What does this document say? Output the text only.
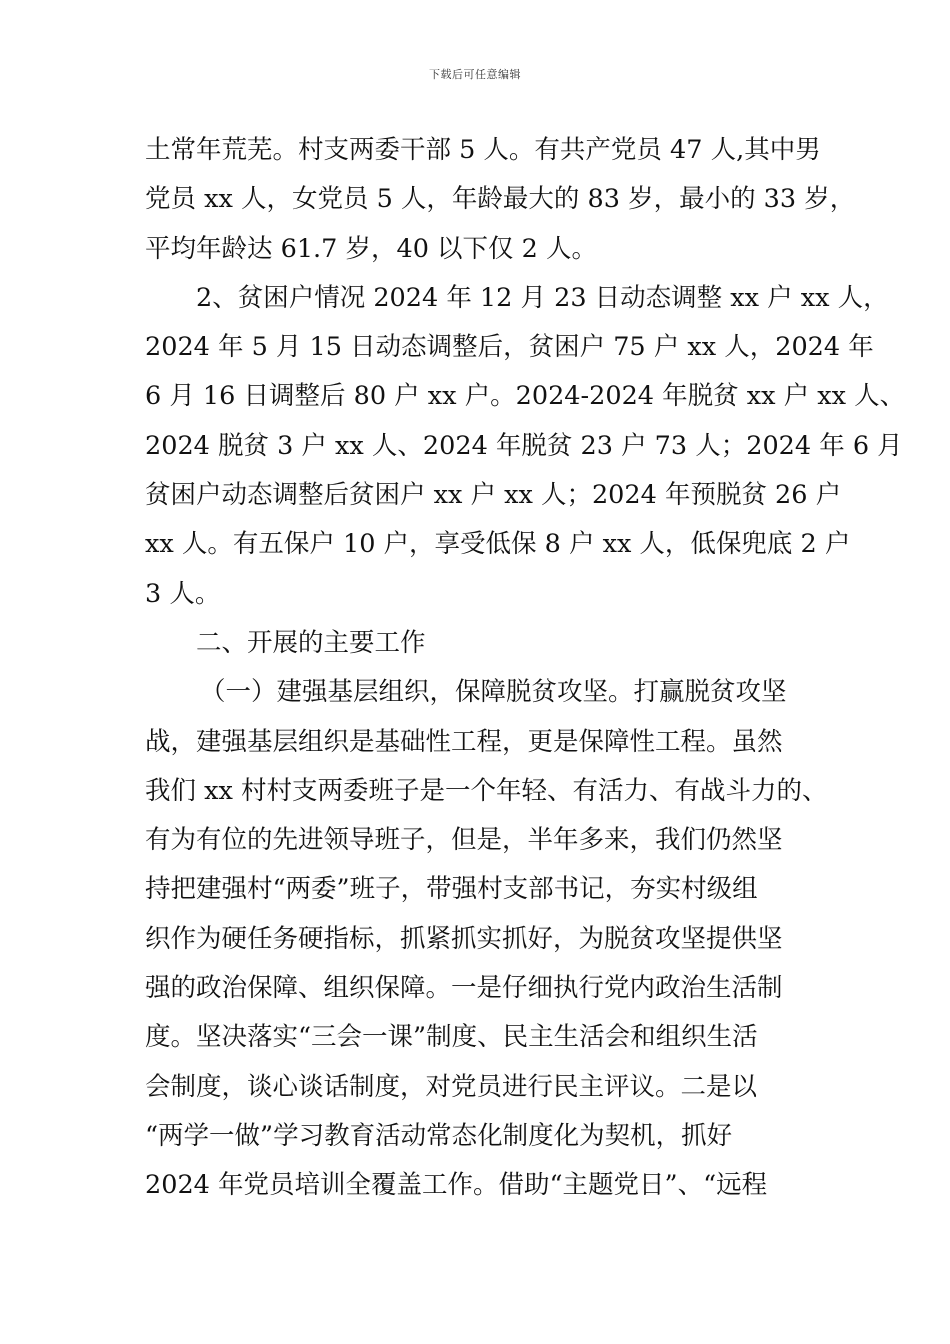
下载后可任意编辑
土常年荒芜。村支两委干部 5 人。有共产党员 47 人,其中男
党员 xx 人，女党员 5 人，年龄最大的 83 岁，最小的 33 岁，
平均年龄达 61.7 岁，40 以下仅 2 人。
2、贫困户情况 2024 年 12 月 23 日动态调整 xx 户 xx 人，
2024 年 5 月 15 日动态调整后，贫困户 75 户 xx 人，2024 年
6 月 16 日调整后 80 户 xx 户。2024-2024 年脱贫 xx 户 xx 人、
2024 脱贫 3 户 xx 人、2024 年脱贫 23 户 73 人；2024 年 6 月
贫困户动态调整后贫困户 xx 户 xx 人；2024 年预脱贫 26 户
xx 人。有五保户 10 户，享受低保 8 户 xx 人，低保兜底 2 户
3 人。
二、开展的主要工作
（一）建强基层组织，保障脱贫攻坚。打赢脱贫攻坚
战，建强基层组织是基础性工程，更是保障性工程。虽然
我们 xx 村村支两委班子是一个年轻、有活力、有战斗力的、
有为有位的先进领导班子，但是，半年多来，我们仍然坚
持把建强村“两委”班子，带强村支部书记，夯实村级组
织作为硬任务硬指标，抓紧抓实抓好，为脱贫攻坚提供坚
强的政治保障、组织保障。一是仔细执行党内政治生活制
度。坚决落实“三会一课”制度、民主生活会和组织生活
会制度，谈心谈话制度，对党员进行民主评议。二是以
“两学一做”学习教育活动常态化制度化为契机，抓好
2024 年党员培训全覆盖工作。借助“主题党日”、“远程
